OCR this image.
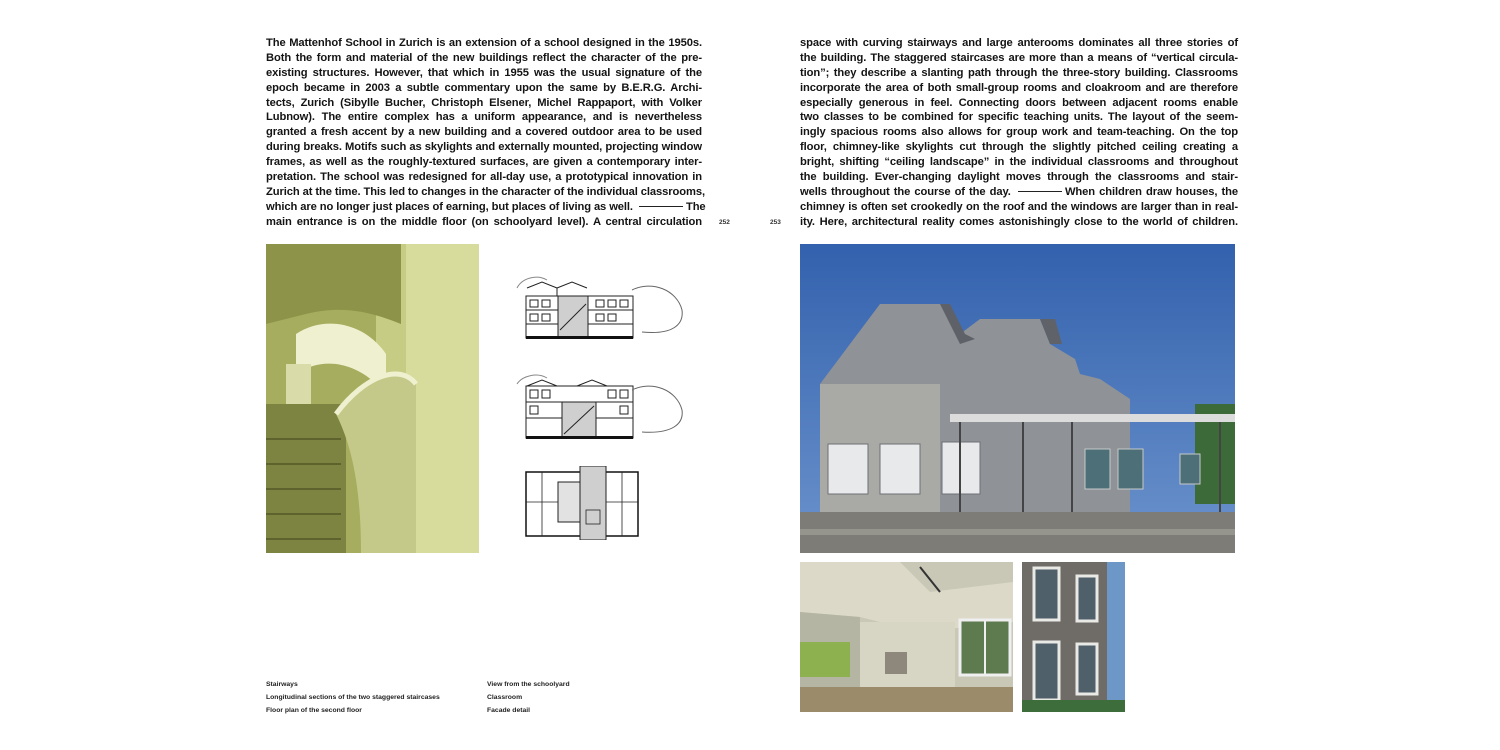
The Mattenhof School in Zurich is an extension of a school designed in the 1950s.
Both the form and material of the new buildings reflect the character of the pre-
existing structures. However, that which in 1955 was the usual signature of the
epoch became in 2003 a subtle commentary upon the same by B.E.R.G. Archi-
tects, Zurich (Sibylle Bucher, Christoph Elsener, Michel Rappaport, with Volker
Lubnow). The entire complex has a uniform appearance, and is nevertheless
granted a fresh accent by a new building and a covered outdoor area to be used
during breaks. Motifs such as skylights and externally mounted, projecting window
frames, as well as the roughly-textured surfaces, are given a contemporary inter-
pretation. The school was redesigned for all-day use, a prototypical innovation in
Zurich at the time. This led to changes in the character of the individual classrooms,
which are no longer just places of earning, but places of living as well.	The
main entrance is on the middle floor (on schoolyard level). A central circulation	252	253
space with curving stairways and large anterooms dominates all three stories of
the building. The staggered staircases are more than a means of “vertical circula-
tion”; they describe a slanting path through the three-story building. Classrooms
incorporate the area of both small-group rooms and cloakroom and are therefore
especially generous in feel. Connecting doors between adjacent rooms enable
two classes to be combined for specific teaching units. The layout of the seem-
ingly spacious rooms also allows for group work and team-teaching. On the top
floor, chimney-like skylights cut through the slightly pitched ceiling creating a
bright, shifting “ceiling landscape” in the individual classrooms and throughout
the building. Ever-changing daylight moves through the classrooms and stair-
wells throughout the course of the day.	When children draw houses, the
chimney is often set crookedly on the roof and the windows are larger than in real-
ity. Here, architectural reality comes astonishingly close to the world of children.
Stairways
Longitudinal sections of the two staggered staircases
Floor plan of the second floor
View from the schoolyard
Classroom
Facade detail
